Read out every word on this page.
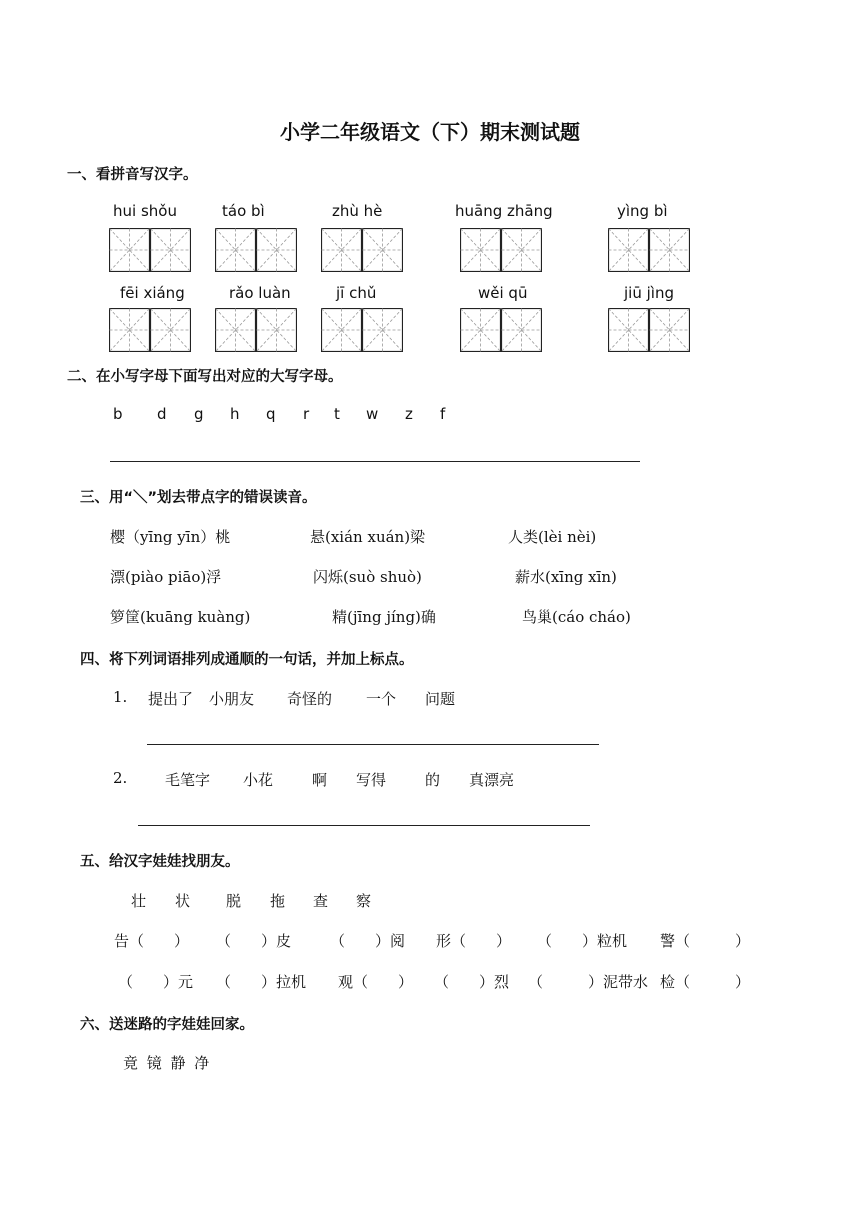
小学二年级语文（下）期末测试题
一、看拼音写汉字。
hui shǒu	táo bì	zhù hè	huāng zhāng	yìng bì
fēi xiáng	rǎo luàn	jī chǔ	wěi qū	jiū jìng
二、在小写字母下面写出对应的大写字母。
b d g h q r t w z f
三、用“＼”划去带点字的错误读音。
樱（yīng yīn）桃	悬(xián xuán)梁	人类(lèi nèi)
漂(piào piāo)浮	闪烁(suò shuò)	薪水(xīng xīn)
箩筐(kuāng kuàng)	精(jīng jíng)确	鸟巢(cáo cháo)
四、将下列词语排列成通顺的一句话，并加上标点。
1. 提出了 小朋友 奇怪的 一个 问题
2.	毛笔字 小花	啊 写得	的 真漂亮
五、给汉字娃娃找朋友。
壮 状 脱 拖 查 察
告（　　） （　　）皮	（　　）阅 形（　　） （　　）粒机 警（　　　）
（　　）元 （　　）拉机 观（　　） （　　）烈 （　　　）泥带水 检（　　　）
六、送迷路的字娃娃回家。
竟 镜 静 净
